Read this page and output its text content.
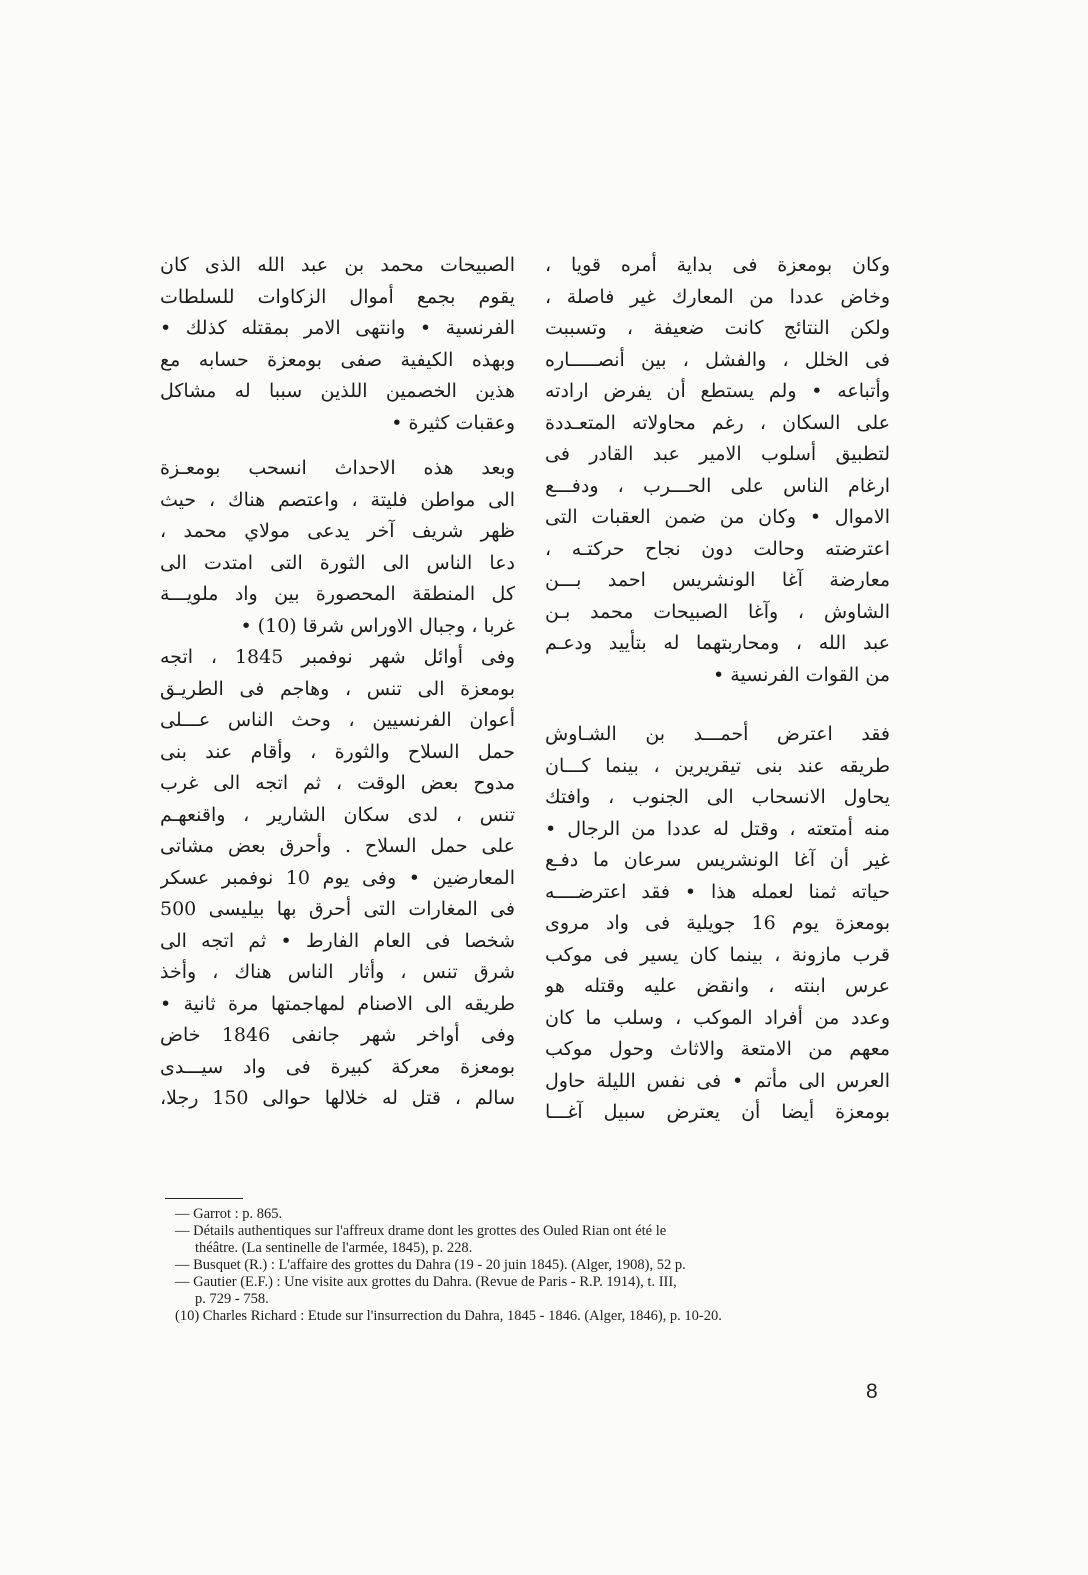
وكان بومعزة فى بداية أمره قويا ،
وخاض عددا من المعارك غير فاصلة ،
ولكن النتائج كانت ضعيفة ، وتسببت
فى الخلل ، والفشل ، بين أنصـــــاره
وأتباعه • ولم يستطع أن يفرض ارادته
على السكان ، رغم محاولاته المتعـددة
لتطبيق أسلوب الامير عبد القادر فى
ارغام الناس على الحـــرب ، ودفـــع
الاموال • وكان من ضمن العقبات التى
اعترضته وحالت دون نجاح حركتـه ،
معارضة آغا الونشريس احمد بـــن
الشاوش ، وآغا الصبيحات محمد بـن
عبد الله ، ومحاربتهما له بتأييد ودعـم
من القوات الفرنسية •
فقد اعترض أحمـــد بن الشـاوش
طريقه عند بنى تيقريرين ، بينما كـــان
يحاول الانسحاب الى الجنوب ، وافتك
منه أمتعته ، وقتل له عددا من الرجال •
غير أن آغا الونشريس سرعان ما دفـع
حياته ثمنا لعمله هذا • فقد اعترضــــه
بومعزة يوم 16 جويلية فى واد مروى
قرب مازونة ، بينما كان يسير فى موكب
عرس ابنته ، وانقض عليه وقتله هو
وعدد من أفراد الموكب ، وسلب ما كان
معهم من الامتعة والاثاث وحول موكب
العرس الى مأتم • فى نفس الليلة حاول
بومعزة أيضا أن يعترض سبيل آغـــا
الصبيحات محمد بن عبد الله الذى كان
يقوم بجمع أموال الزكاوات للسلطات
الفرنسية • وانتهى الامر بمقتله كذلك •
وبهذه الكيفية صفى بومعزة حسابه مع
هذين الخصمين اللذين سببا له مشاكل
وعقبات كثيرة •
وبعد هذه الاحداث انسحب بومعـزة
الى مواطن فليتة ، واعتصم هناك ، حيث
ظهر شريف آخر يدعى مولاي محمد ،
دعا الناس الى الثورة التى امتدت الى
كل المنطقة المحصورة بين واد ملويـــة
غربا ، وجبال الاوراس شرقا (10) •
وفى أوائل شهر نوفمبر 1845 ، اتجه
بومعزة الى تنس ، وهاجم فى الطريـق
أعوان الفرنسيين ، وحث الناس عـــلى
حمل السلاح والثورة ، وأقام عند بنى
مدوح بعض الوقت ، ثم اتجه الى غرب
تنس ، لدى سكان الشارير ، واقنعهـم
على حمل السلاح . وأحرق بعض مشاتى
المعارضين • وفى يوم 10 نوفمبر عسكر
فى المغارات التى أحرق بها بيليسى 500
شخصا فى العام الفارط • ثم اتجه الى
شرق تنس ، وأثار الناس هناك ، وأخذ
طريقه الى الاصنام لمهاجمتها مرة ثانية •
وفى أواخر شهر جانفى 1846 خاض
بومعزة معركة كبيرة فى واد سيـــدى
سالم ، قتل له خلالها حوالى 150 رجلا،
— Garrot : p. 865.
— Détails authentiques sur l'affreux drame dont les grottes des Ouled Rian ont été le
théâtre. (La sentinelle de l'armée, 1845), p. 228.
— Busquet (R.) : L'affaire des grottes du Dahra (19 - 20 juin 1845). (Alger, 1908), 52 p.
— Gautier (E.F.) : Une visite aux grottes du Dahra. (Revue de Paris - R.P. 1914), t. III,
p. 729 - 758.
(10) Charles Richard : Etude sur l'insurrection du Dahra, 1845 - 1846. (Alger, 1846), p. 10-20.
8
